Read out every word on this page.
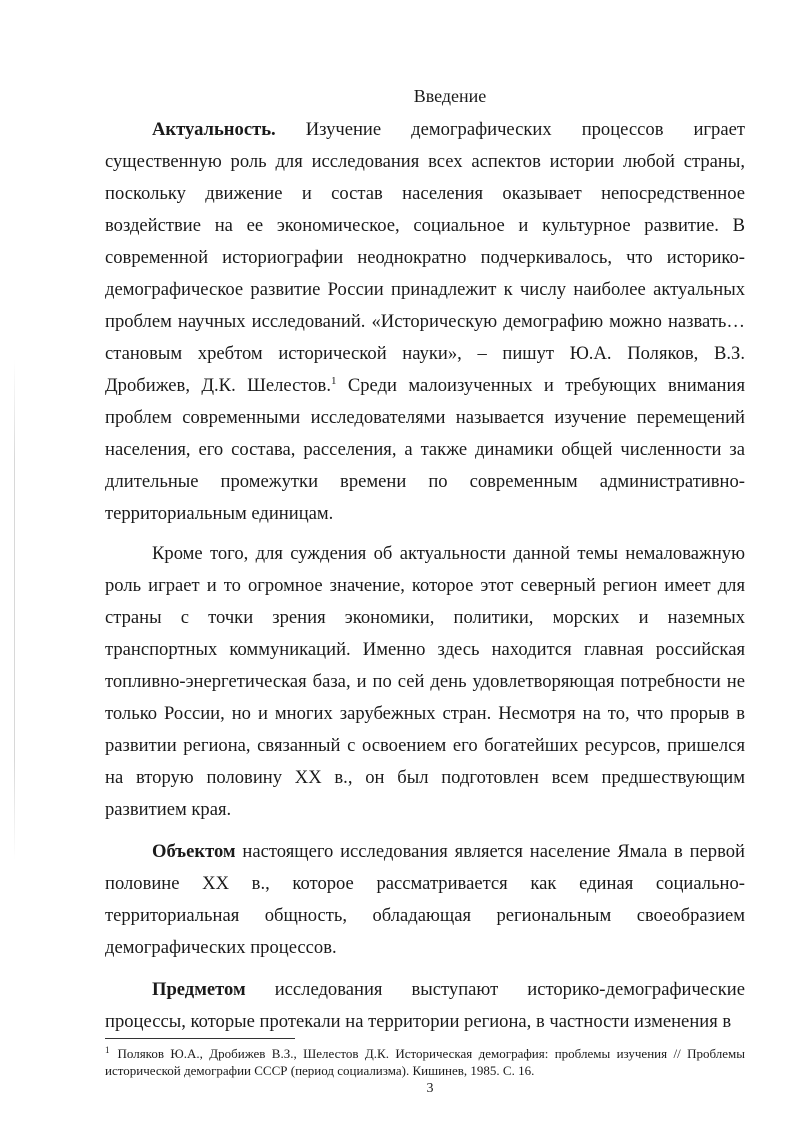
Введение

Актуальность. Изучение демографических процессов играет существенную роль для исследования всех аспектов истории любой страны, поскольку движение и состав населения оказывает непосредственное воздействие на ее экономическое, социальное и культурное развитие. В современной историографии неоднократно подчеркивалось, что историко-демографическое развитие России принадлежит к числу наиболее актуальных проблем научных исследований. «Историческую демографию можно назвать… становым хребтом исторической науки», – пишут Ю.А. Поляков, В.З. Дробижев, Д.К. Шелестов.$^1$ Среди малоизученных и требующих внимания проблем современными исследователями называется изучение перемещений населения, его состава, расселения, а также динамики общей численности за длительные промежутки времени по современным административно-территориальным единицам.

Кроме того, для суждения об актуальности данной темы немаловажную роль играет и то огромное значение, которое этот северный регион имеет для страны с точки зрения экономики, политики, морских и наземных транспортных коммуникаций. Именно здесь находится главная российская топливно-энергетическая база, и по сей день удовлетворяющая потребности не только России, но и многих зарубежных стран. Несмотря на то, что прорыв в развитии региона, связанный с освоением его богатейших ресурсов, пришелся на вторую половину XX в., он был подготовлен всем предшествующим развитием края.

Объектом настоящего исследования является население Ямала в первой половине XX в., которое рассматривается как единая социально-территориальная общность, обладающая региональным своеобразием демографических процессов.

Предметом исследования выступают историко-демографические процессы, которые протекали на территории региона, в частности изменения в

$^1$ Поляков Ю.А., Дробижев В.З., Шелестов Д.К. Историческая демография: проблемы изучения // Проблемы исторической демографии СССР (период социализма). Кишинев, 1985. С. 16.
3
